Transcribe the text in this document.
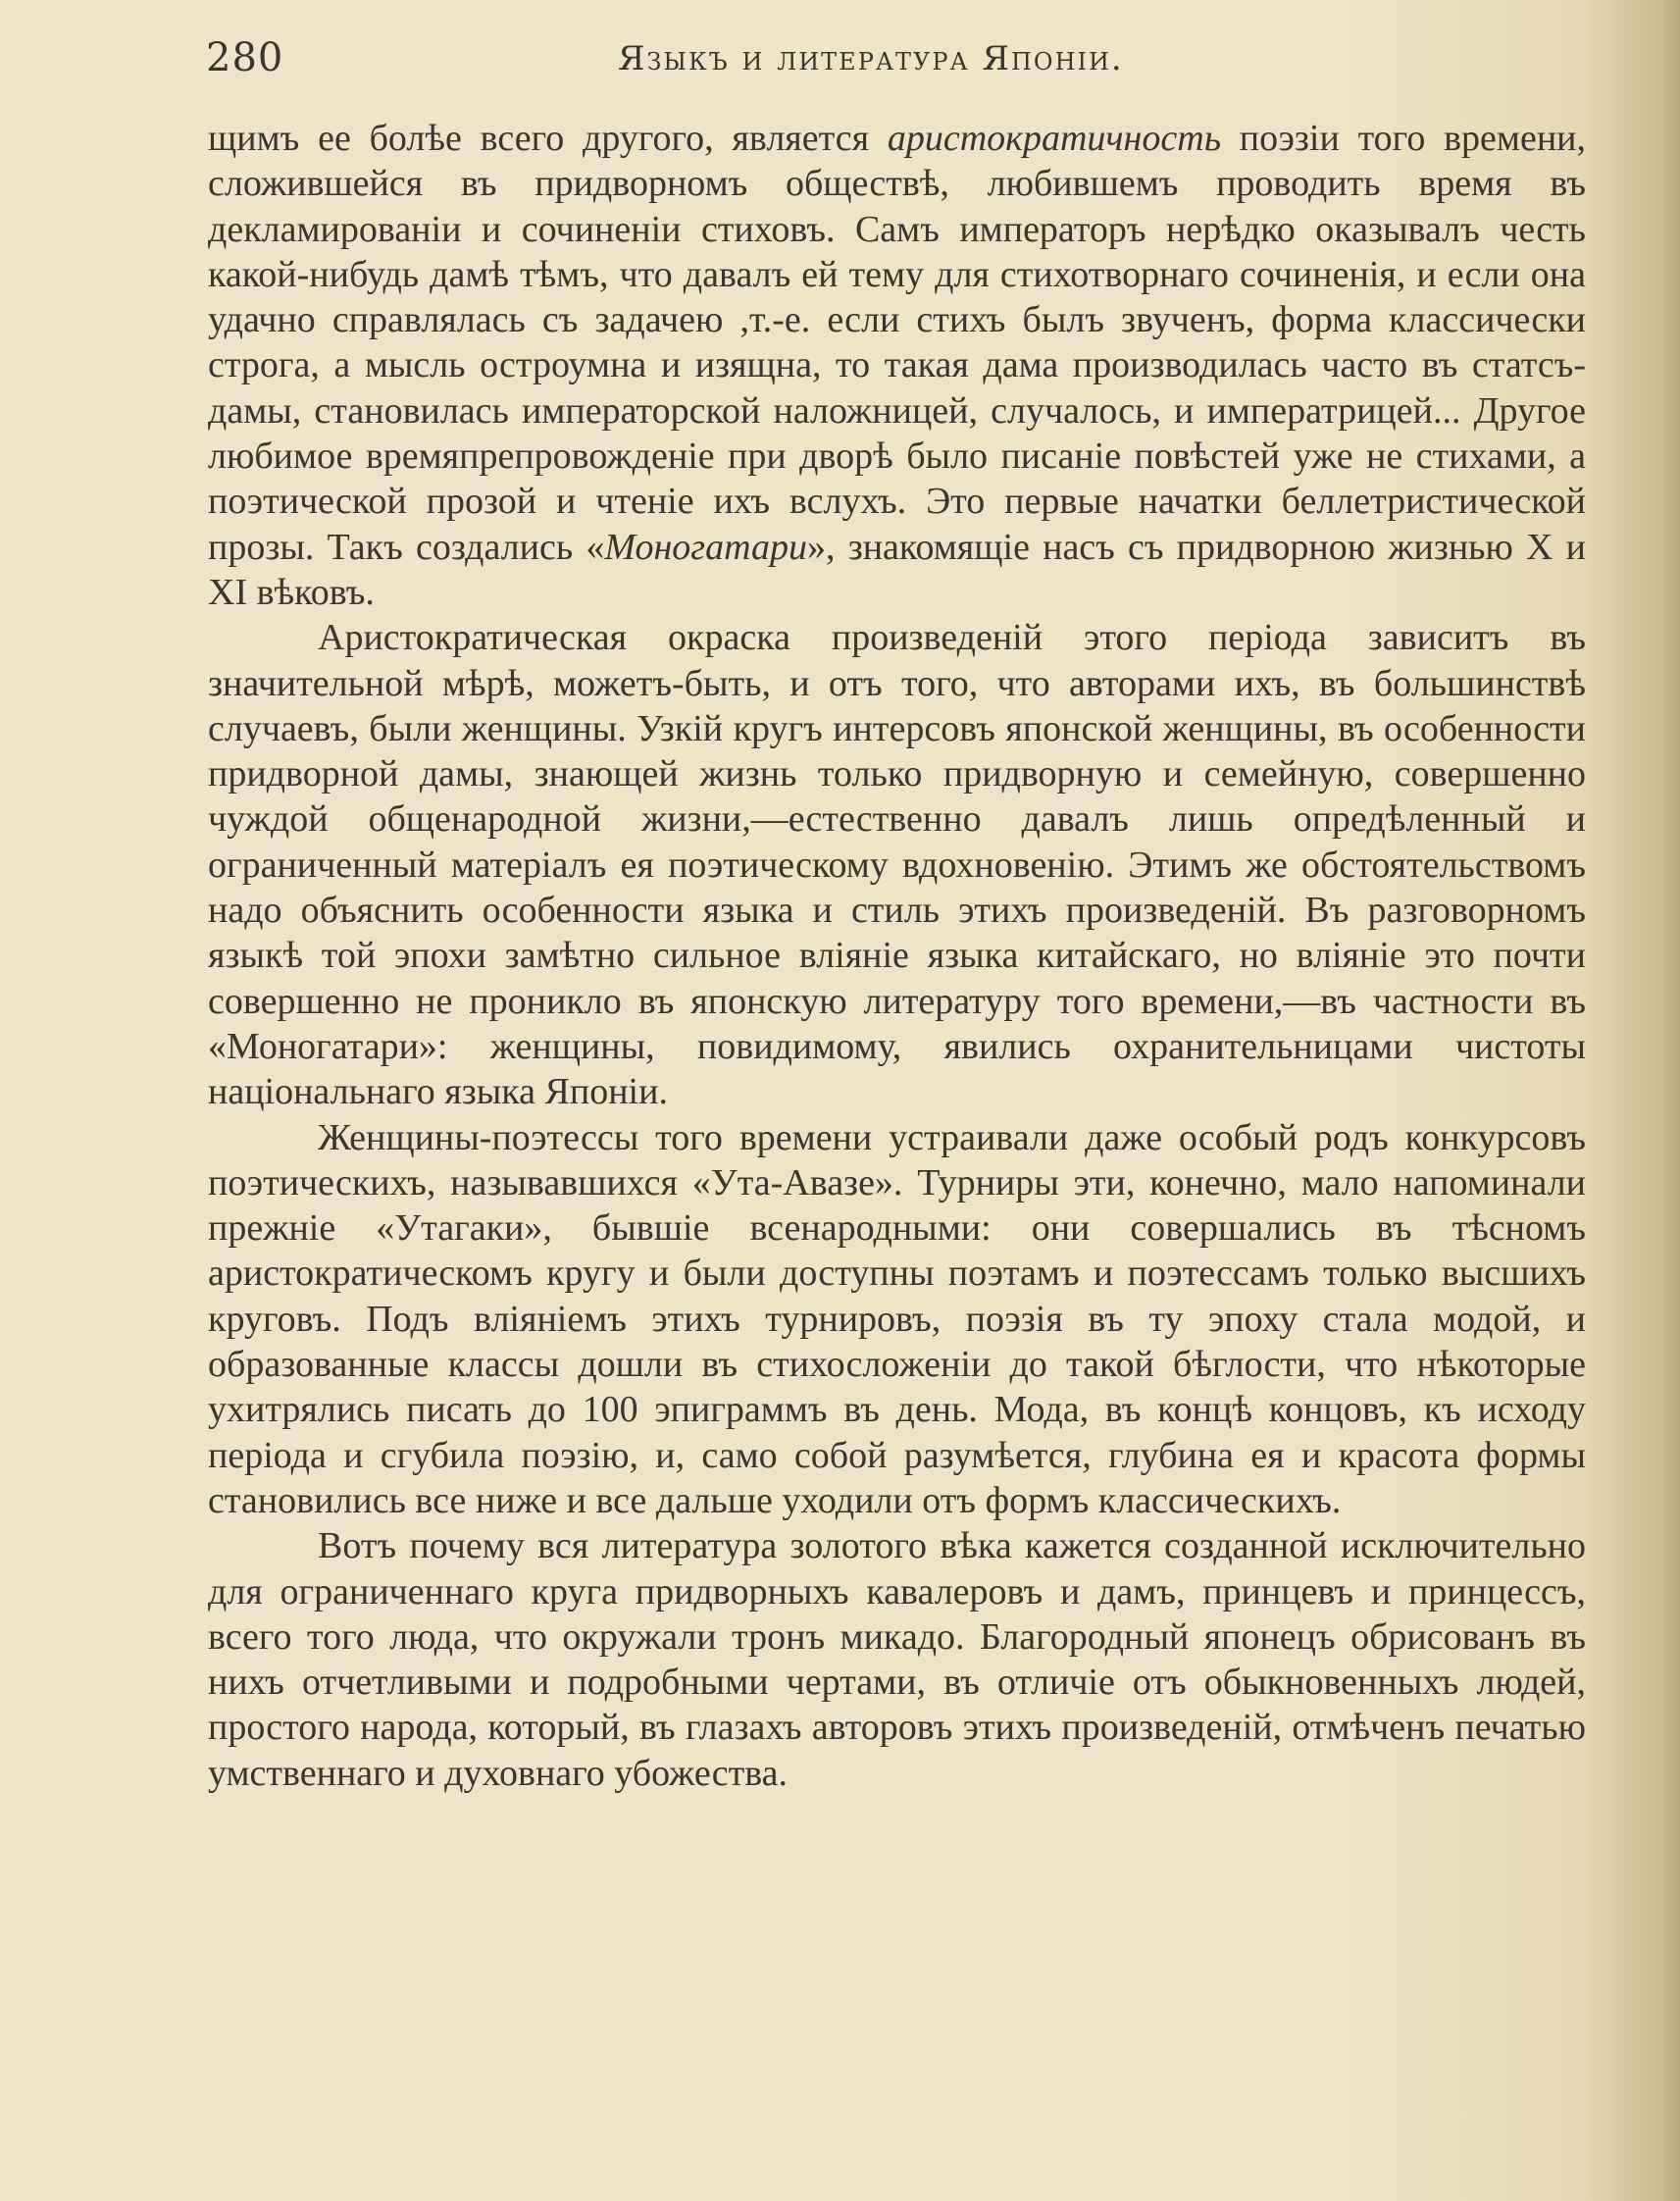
280	Языкъ и литература Японіи.

щимъ ее болѣе всего другого, является аристократичность поэзіи того времени, сложившейся въ придворномъ обществѣ, любившемъ проводить время въ декламированіи и сочиненіи стиховъ. Самъ императоръ нерѣдко оказывалъ честь какой-нибудь дамѣ тѣмъ, что давалъ ей тему для стихотворнаго сочиненія, и если она удачно справлялась съ задачею ,т.-е. если стихъ былъ звученъ, форма классически строга, а мысль остроумна и изящна, то такая дама производилась часто въ статсъ-дамы, становилась императорской наложницей, случалось, и императрицей... Другое любимое времяпрепровожденіе при дворѣ было писаніе повѣстей уже не стихами, а поэтической прозой и чтеніе ихъ вслухъ. Это первые начатки беллетристической прозы. Такъ создались «Моногатари», знакомящіе насъ съ придворною жизнью X и XI вѣковъ.

Аристократическая окраска произведеній этого періода зависитъ въ значительной мѣрѣ, можетъ-быть, и отъ того, что авторами ихъ, въ большинствѣ случаевъ, были женщины. Узкій кругъ интерсовъ японской женщины, въ особенности придворной дамы, знающей жизнь только придворную и семейную, совершенно чуждой общенародной жизни,—естественно давалъ лишь опредѣленный и ограниченный матеріалъ ея поэтическому вдохновенію. Этимъ же обстоятельствомъ надо объяснить особенности языка и стиль этихъ произведеній. Въ разговорномъ языкѣ той эпохи замѣтно сильное вліяніе языка китайскаго, но вліяніе это почти совершенно не проникло въ японскую литературу того времени,—въ частности въ «Моногатари»: женщины, повидимому, явились охранительницами чистоты національнаго языка Японіи.

Женщины-поэтессы того времени устраивали даже особый родъ конкурсовъ поэтическихъ, называвшихся «Ута-Авазе». Турниры эти, конечно, мало напоминали прежніе «Утагаки», бывшіе всенародными: они совершались въ тѣсномъ аристократическомъ кругу и были доступны поэтамъ и поэтессамъ только высшихъ круговъ. Подъ вліяніемъ этихъ турнировъ, поэзія въ ту эпоху стала модой, и образованные классы дошли въ стихосложеніи до такой бѣглости, что нѣкоторые ухитрялись писать до 100 эпиграммъ въ день. Мода, въ концѣ концовъ, къ исходу періода и сгубила поэзію, и, само собой разумѣется, глубина ея и красота формы становились все ниже и все дальше уходили отъ формъ классическихъ.

Вотъ почему вся литература золотого вѣка кажется созданной исключительно для ограниченнаго круга придворныхъ кавалеровъ и дамъ, принцевъ и принцессъ, всего того люда, что окружали тронъ микадо. Благородный японецъ обрисованъ въ нихъ отчетливыми и подробными чертами, въ отличіе отъ обыкновенныхъ людей, простого народа, который, въ глазахъ авторовъ этихъ произведеній, отмѣченъ печатью умственнаго и духовнаго убожества.
